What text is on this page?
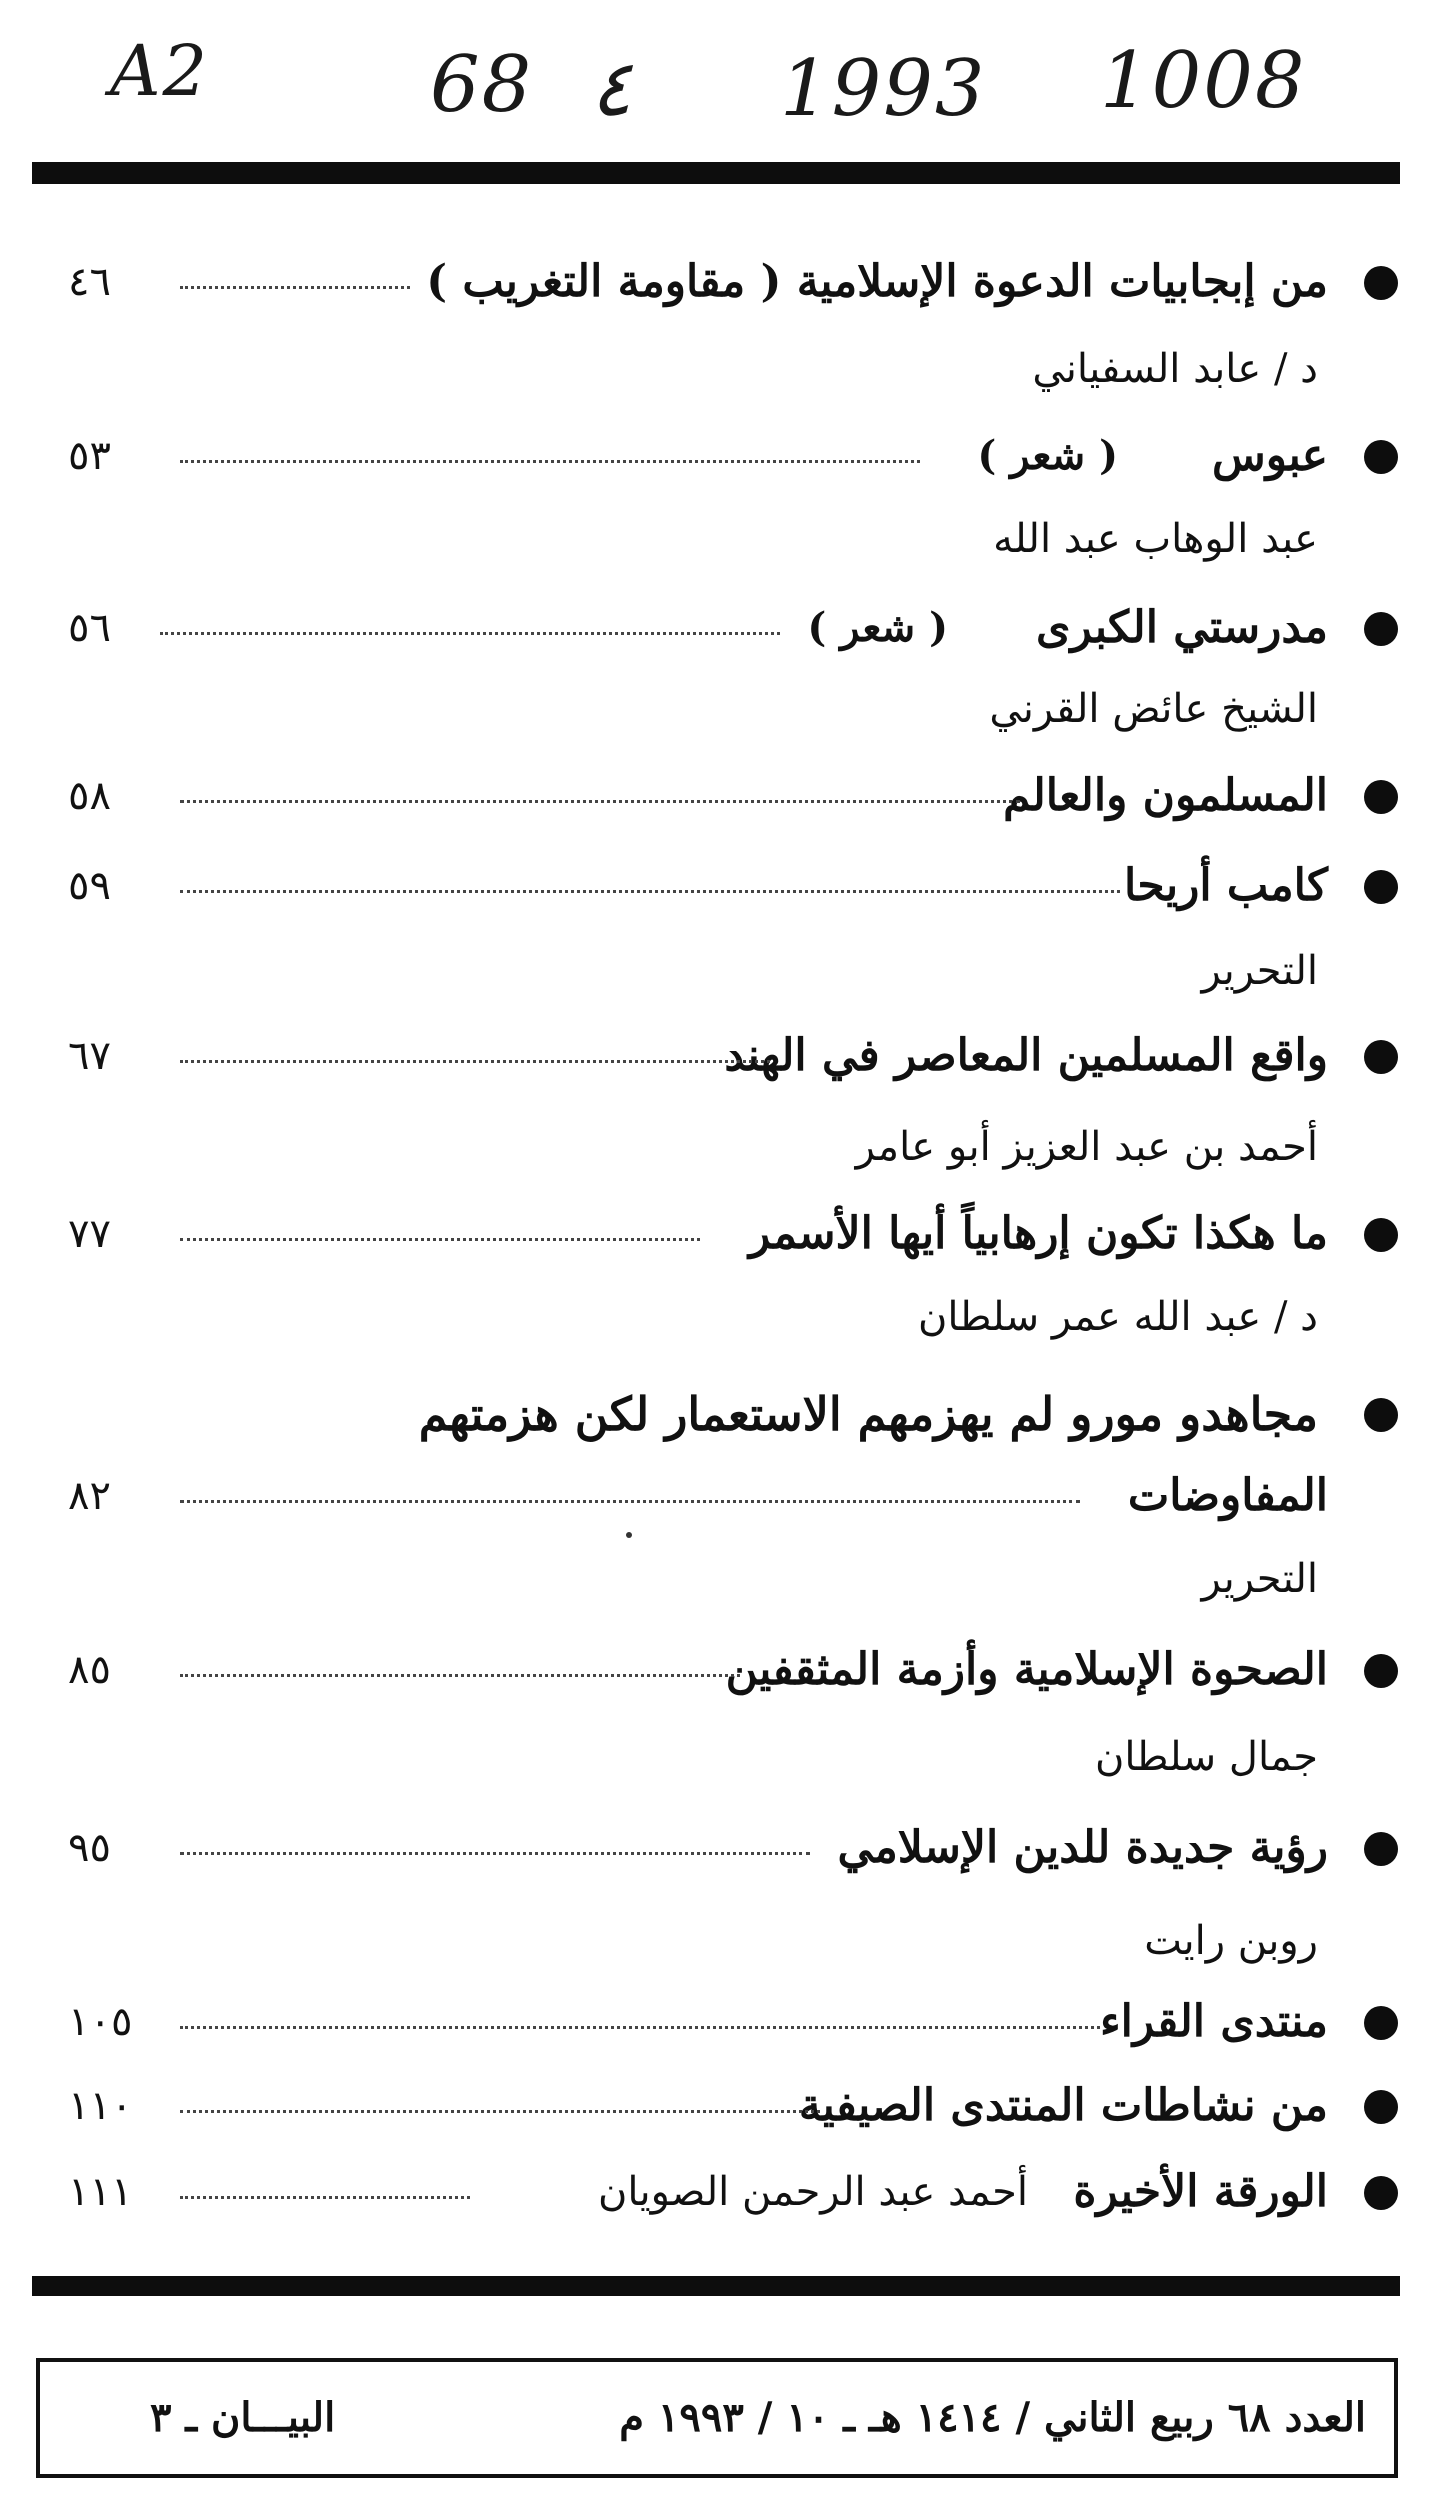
A2	68 ٤ 1993 1008
من إبجابيات الدعوة الإسلامية ( مقاومة التغريب )
٤٦
د / عابد السفياني
عبوس
( شعر )
٥٣
عبد الوهاب عبد الله
مدرستي الكبرى
( شعر )
٥٦
الشيخ عائض القرني
المسلمون والعالم
٥٨
كامب أريحا
٥٩
التحرير
واقع المسلمين المعاصر في الهند
٦٧
أحمد بن عبد العزيز أبو عامر
ما هكذا تكون إرهابياً أيها الأسمر
٧٧
د / عبد الله عمر سلطان
مجاهدو مورو لم يهزمهم الاستعمار لكن هزمتهم
المفاوضات
٨٢
التحرير
الصحوة الإسلامية وأزمة المثقفين
٨٥
جمال سلطان
رؤية جديدة للدين الإسلامي
٩٥
روبن رايت
منتدى القراء
١٠٥
من نشاطات المنتدى الصيفية
١١٠
الورقة الأخيرة
أحمد عبد الرحمن الصويان
١١١
العدد ٦٨ ربيع الثاني / ١٤١٤ هـ ـ ١٠ / ١٩٩٣ م
البيـــان ـ ٣
